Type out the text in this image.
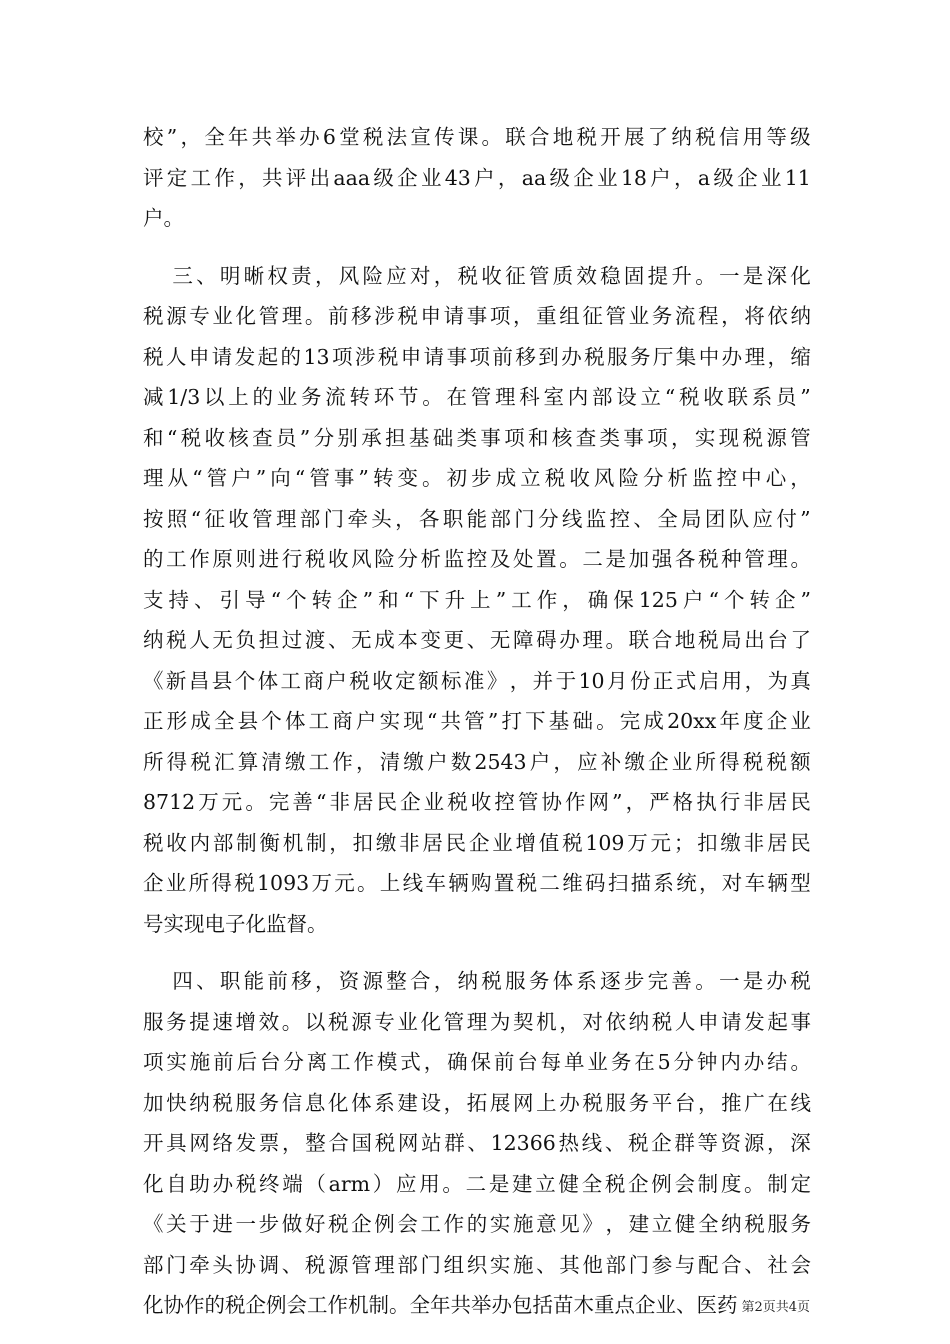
校 ” ， 全 年 共 举 办 6 堂 税 法 宣 传 课 。 联 合 地 税 开 展 了 纳 税 信 用 等 级
评 定 工 作 ， 共 评 出 aaa 级 企 业 43 户 ， aa 级 企 业 18 户 ， a 级 企 业 11
户。

三 、 明 晰 权 责 ， 风 险 应 对 ， 税 收 征 管 质 效 稳 固 提 升 。 一 是 深 化
税 源 专 业 化 管 理 。 前 移 涉 税 申 请 事 项 ， 重 组 征 管 业 务 流 程 ， 将 依 纳
税 人 申 请 发 起 的 13 项 涉 税 申 请 事 项 前 移 到 办 税 服 务 厅 集 中 办 理 ， 缩
减 1/3 以 上 的 业 务 流 转 环 节 。 在 管 理 科 室 内 部 设 立 “ 税 收 联 系 员 ”
和 “ 税 收 核 查 员 ” 分 别 承 担 基 础 类 事 项 和 核 查 类 事 项 ， 实 现 税 源 管
理 从 “ 管 户 ” 向 “ 管 事 ” 转 变 。 初 步 成 立 税 收 风 险 分 析 监 控 中 心 ，
按 照 “ 征 收 管 理 部 门 牵 头 ， 各 职 能 部 门 分 线 监 控 、 全 局 团 队 应 付 ”
的 工 作 原 则 进 行 税 收 风 险 分 析 监 控 及 处 置 。 二 是 加 强 各 税 种 管 理 。
支 持 、 引 导 “ 个 转 企 ” 和 “ 下 升 上 ” 工 作 ， 确 保 125 户 “ 个 转 企 ”
纳 税 人 无 负 担 过 渡 、 无 成 本 变 更 、 无 障 碍 办 理 。 联 合 地 税 局 出 台 了
《 新 昌 县 个 体 工 商 户 税 收 定 额 标 准 》 ， 并 于 10 月 份 正 式 启 用 ， 为 真
正 形 成 全 县 个 体 工 商 户 实 现 “ 共 管 ” 打 下 基 础 。 完 成 20xx 年 度 企 业
所 得 税 汇 算 清 缴 工 作 ， 清 缴 户 数 2543 户 ， 应 补 缴 企 业 所 得 税 税 额
8712 万 元 。 完 善 “ 非 居 民 企 业 税 收 控 管 协 作 网 ” ， 严 格 执 行 非 居 民
税 收 内 部 制 衡 机 制 ， 扣 缴 非 居 民 企 业 增 值 税 109 万 元 ； 扣 缴 非 居 民
企 业 所 得 税 1093 万 元 。 上 线 车 辆 购 置 税 二 维 码 扫 描 系 统 ， 对 车 辆 型
号实现电子化监督。

四 、 职 能 前 移 ， 资 源 整 合 ， 纳 税 服 务 体 系 逐 步 完 善 。 一 是 办 税
服 务 提 速 增 效 。 以 税 源 专 业 化 管 理 为 契 机 ， 对 依 纳 税 人 申 请 发 起 事
项 实 施 前 后 台 分 离 工 作 模 式 ， 确 保 前 台 每 单 业 务 在 5 分 钟 内 办 结 。
加 快 纳 税 服 务 信 息 化 体 系 建 设 ， 拓 展 网 上 办 税 服 务 平 台 ， 推 广 在 线
开 具 网 络 发 票 ， 整 合 国 税 网 站 群 、 12366 热 线 、 税 企 群 等 资 源 ， 深
化 自 助 办 税 终 端 （ arm ） 应 用 。 二 是 建 立 健 全 税 企 例 会 制 度 。 制 定
《 关 于 进 一 步 做 好 税 企 例 会 工 作 的 实 施 意 见 》 ， 建 立 健 全 纳 税 服 务
部 门 牵 头 协 调 、 税 源 管 理 部 门 组 织 实 施 、 其 他 部 门 参 与 配 合 、 社 会
化协作的税企例会工作机制。全年共举办包括苗木重点企业、医药 第2页共4页
